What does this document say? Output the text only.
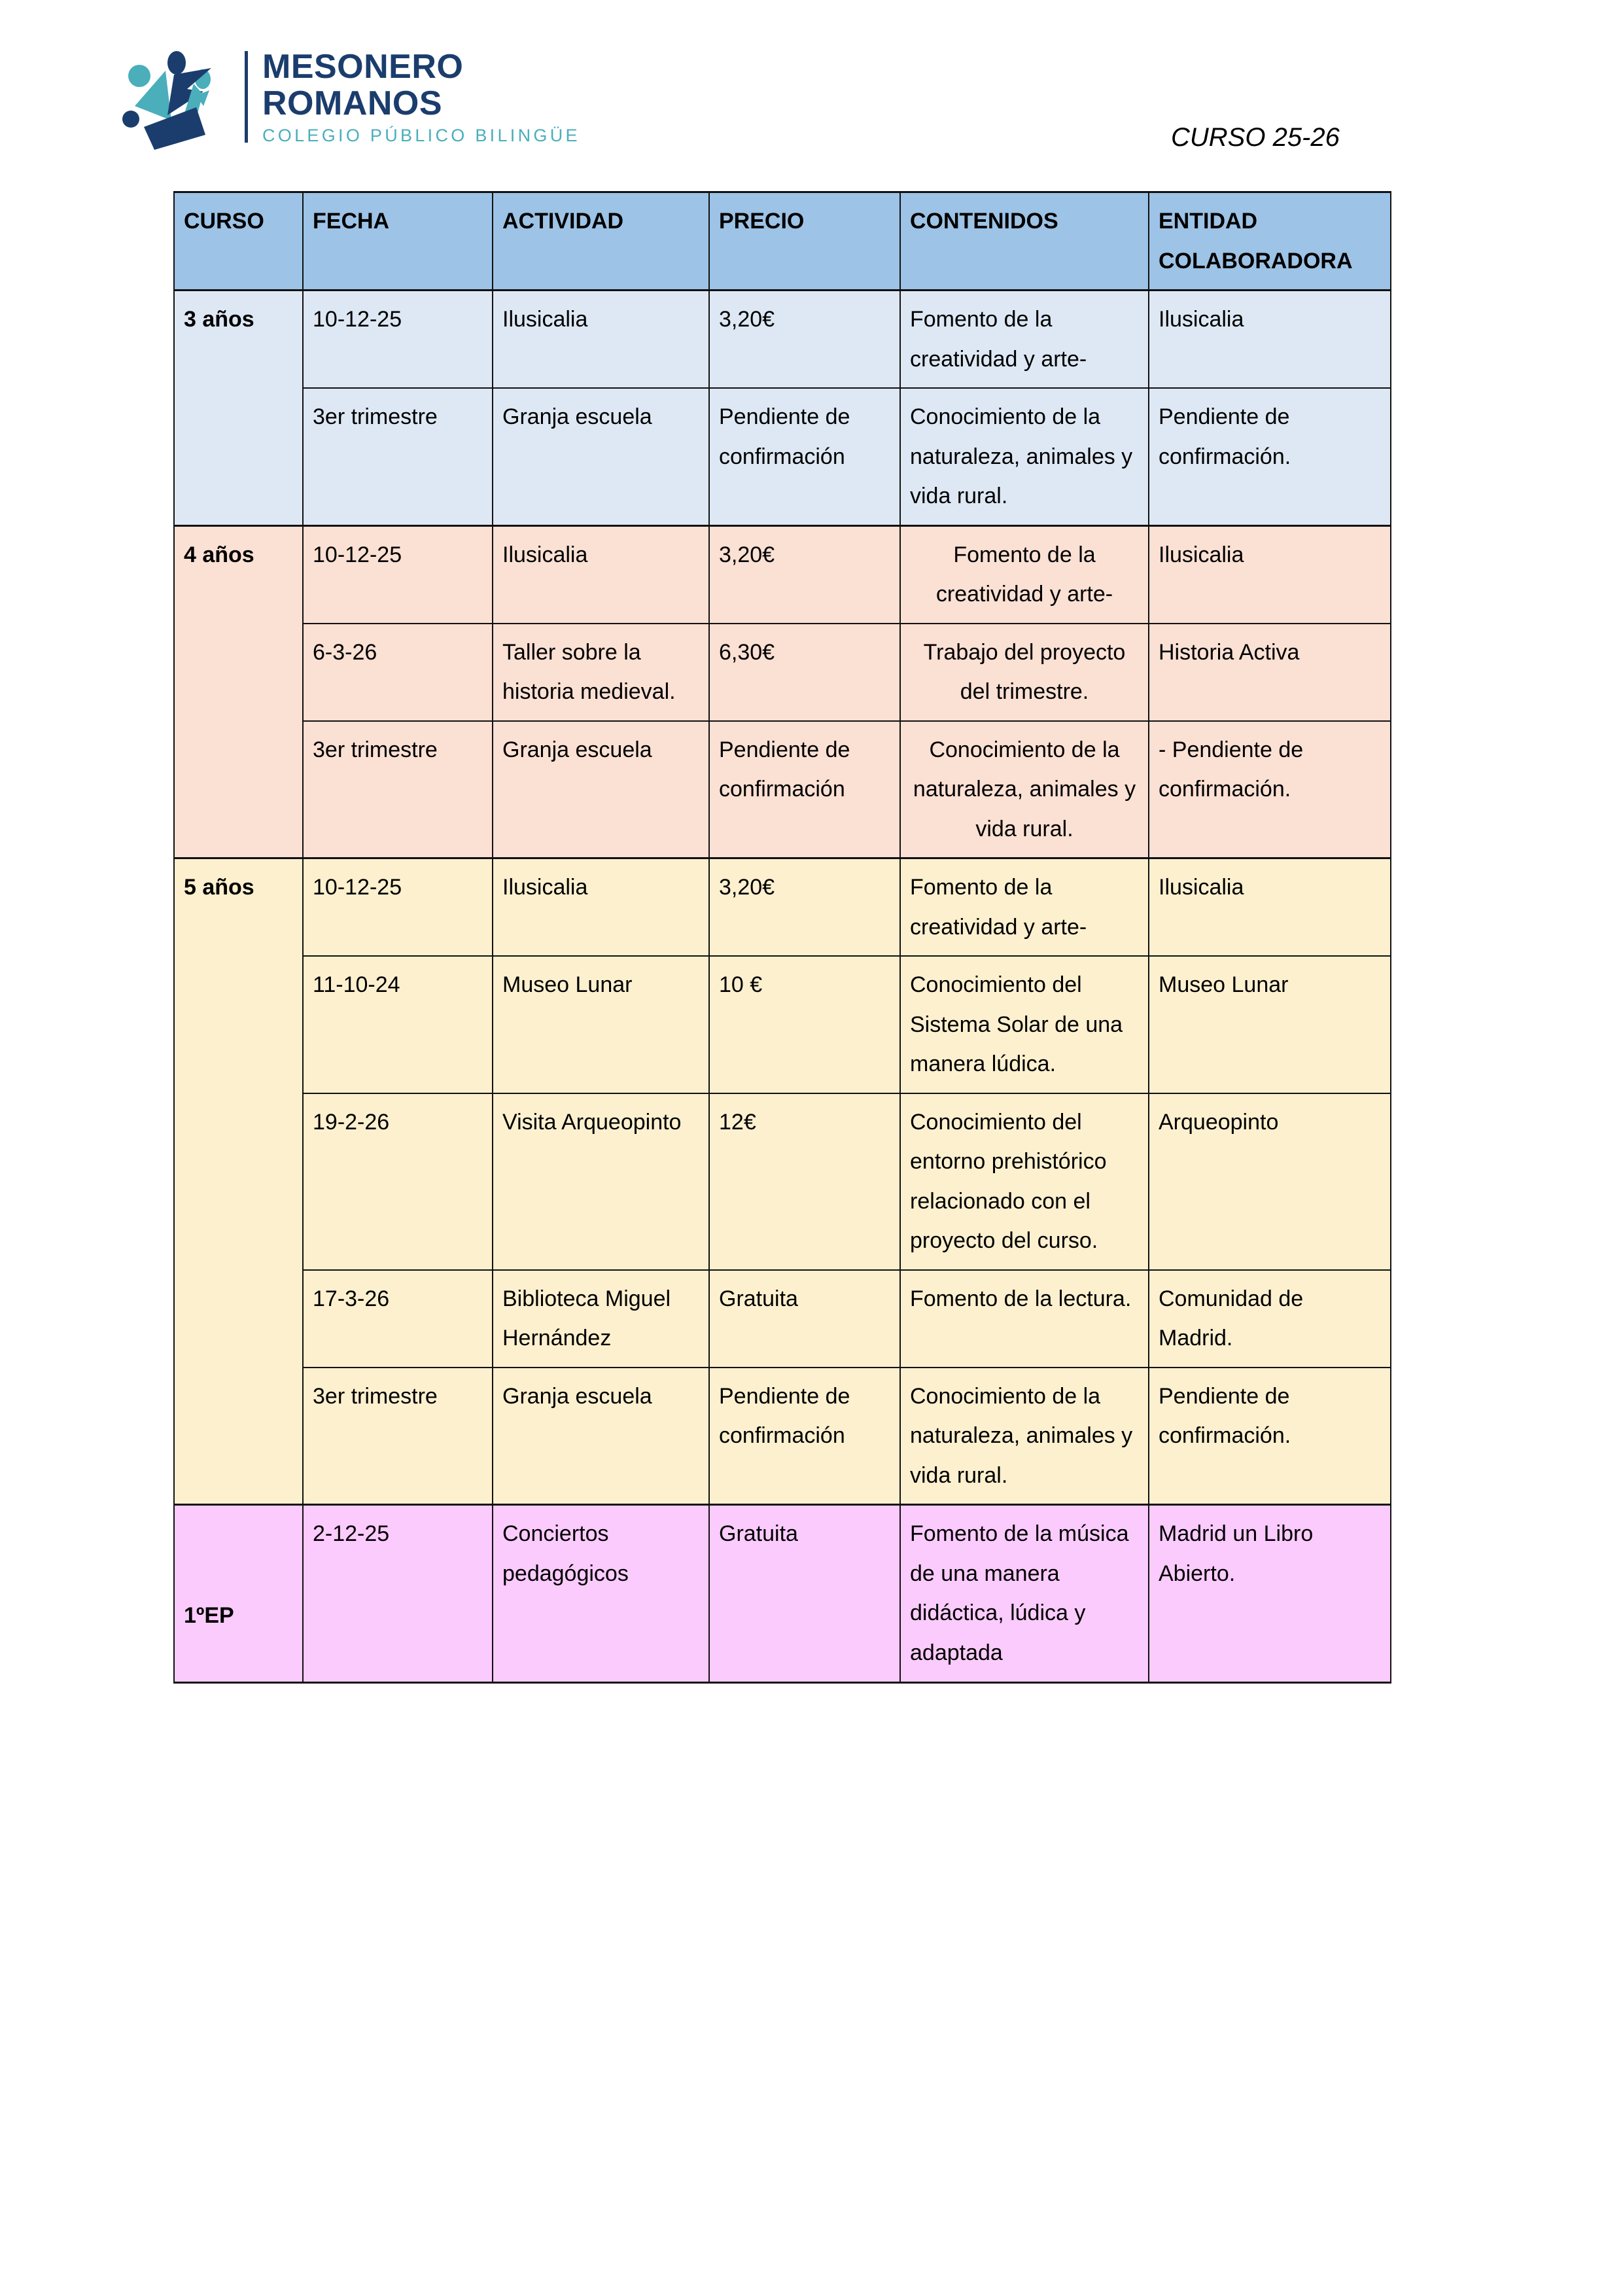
MESONERO
ROMANOS
COLEGIO PÚBLICO BILINGÜE	CURSO 25-26
CURSO	FECHA	ACTIVIDAD	PRECIO	CONTENIDOS	ENTIDAD
COLABORADORA
3 años	10-12-25	Ilusicalia	3,20€	Fomento de la creatividad y arte-	Ilusicalia
	3er trimestre	Granja escuela	Pendiente de confirmación	Conocimiento de la naturaleza, animales y vida rural.	Pendiente de confirmación.
4 años	10-12-25	Ilusicalia	3,20€	Fomento de la creatividad y arte-	Ilusicalia
	6-3-26	Taller sobre la historia medieval.	6,30€	Trabajo del proyecto del trimestre.	Historia Activa
	3er trimestre	Granja escuela	Pendiente de confirmación	Conocimiento de la naturaleza, animales y vida rural.	- Pendiente de confirmación.
5 años	10-12-25	Ilusicalia	3,20€	Fomento de la creatividad y arte-	Ilusicalia
	11-10-24	Museo Lunar	10 €	Conocimiento del Sistema Solar de una manera lúdica.	Museo Lunar
	19-2-26	Visita Arqueopinto	12€	Conocimiento del entorno prehistórico relacionado con el proyecto del curso.	Arqueopinto
	17-3-26	Biblioteca Miguel Hernández	Gratuita	Fomento de la lectura.	Comunidad de Madrid.
	3er trimestre	Granja escuela	Pendiente de confirmación	Conocimiento de la naturaleza, animales y vida rural.	Pendiente de confirmación.
1ºEP	2-12-25	Conciertos pedagógicos	Gratuita	Fomento de la música de una manera didáctica, lúdica y adaptada	Madrid un Libro Abierto.
